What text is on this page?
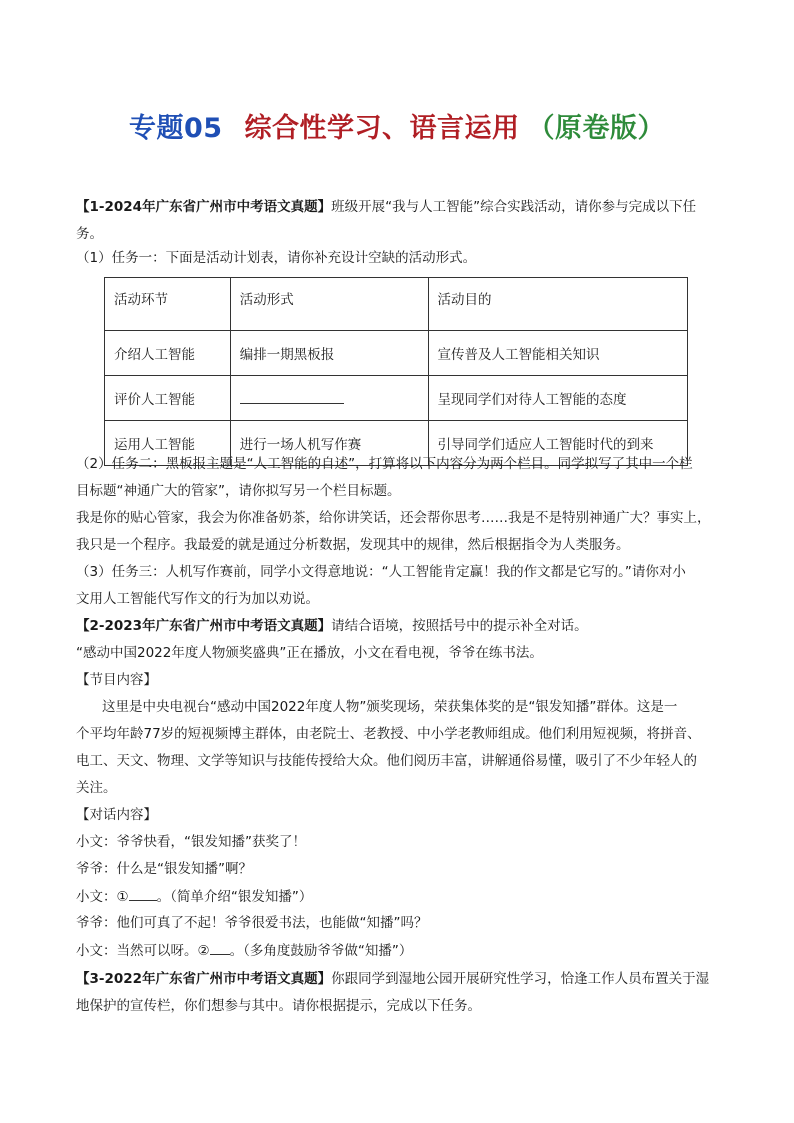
专题05 综合性学习、语言运用 （原卷版）
【1-2024年广东省广州市中考语文真题】班级开展“我与人工智能”综合实践活动，请你参与完成以下任
务。
（1）任务一：下面是活动计划表，请你补充设计空缺的活动形式。
活动环节	活动形式	活动目的
介绍人工智能	编排一期黑板报	宣传普及人工智能相关知识
评价人工智能		呈现同学们对待人工智能的态度
运用人工智能	进行一场人机写作赛	引导同学们适应人工智能时代的到来
（2）任务二：黑板报主题是“人工智能的自述”，打算将以下内容分为两个栏目。同学拟写了其中一个栏
目标题“神通广大的管家”，请你拟写另一个栏目标题。
我是你的贴心管家，我会为你准备奶茶，给你讲笑话，还会帮你思考……我是不是特别神通广大？事实上，
我只是一个程序。我最爱的就是通过分析数据，发现其中的规律，然后根据指令为人类服务。
（3）任务三：人机写作赛前，同学小文得意地说：“人工智能肯定赢！我的作文都是它写的。”请你对小
文用人工智能代写作文的行为加以劝说。
【2-2023年广东省广州市中考语文真题】请结合语境，按照括号中的提示补全对话。
“感动中国2022年度人物颁奖盛典”正在播放，小文在看电视，爷爷在练书法。
【节目内容】
这里是中央电视台“感动中国2022年度人物”颁奖现场，荣获集体奖的是“银发知播”群体。这是一
个平均年龄77岁的短视频博主群体，由老院士、老教授、中小学老教师组成。他们利用短视频，将拼音、
电工、天文、物理、文学等知识与技能传授给大众。他们阅历丰富，讲解通俗易懂，吸引了不少年轻人的
关注。
【对话内容】
小文：爷爷快看，“银发知播”获奖了！
爷爷：什么是“银发知播”啊？
小文：① 。（简单介绍“银发知播”）
爷爷：他们可真了不起！爷爷很爱书法，也能做“知播”吗？
小文：当然可以呀。② 。（多角度鼓励爷爷做“知播”）
【3-2022年广东省广州市中考语文真题】你跟同学到湿地公园开展研究性学习，恰逢工作人员布置关于湿
地保护的宣传栏，你们想参与其中。请你根据提示，完成以下任务。
